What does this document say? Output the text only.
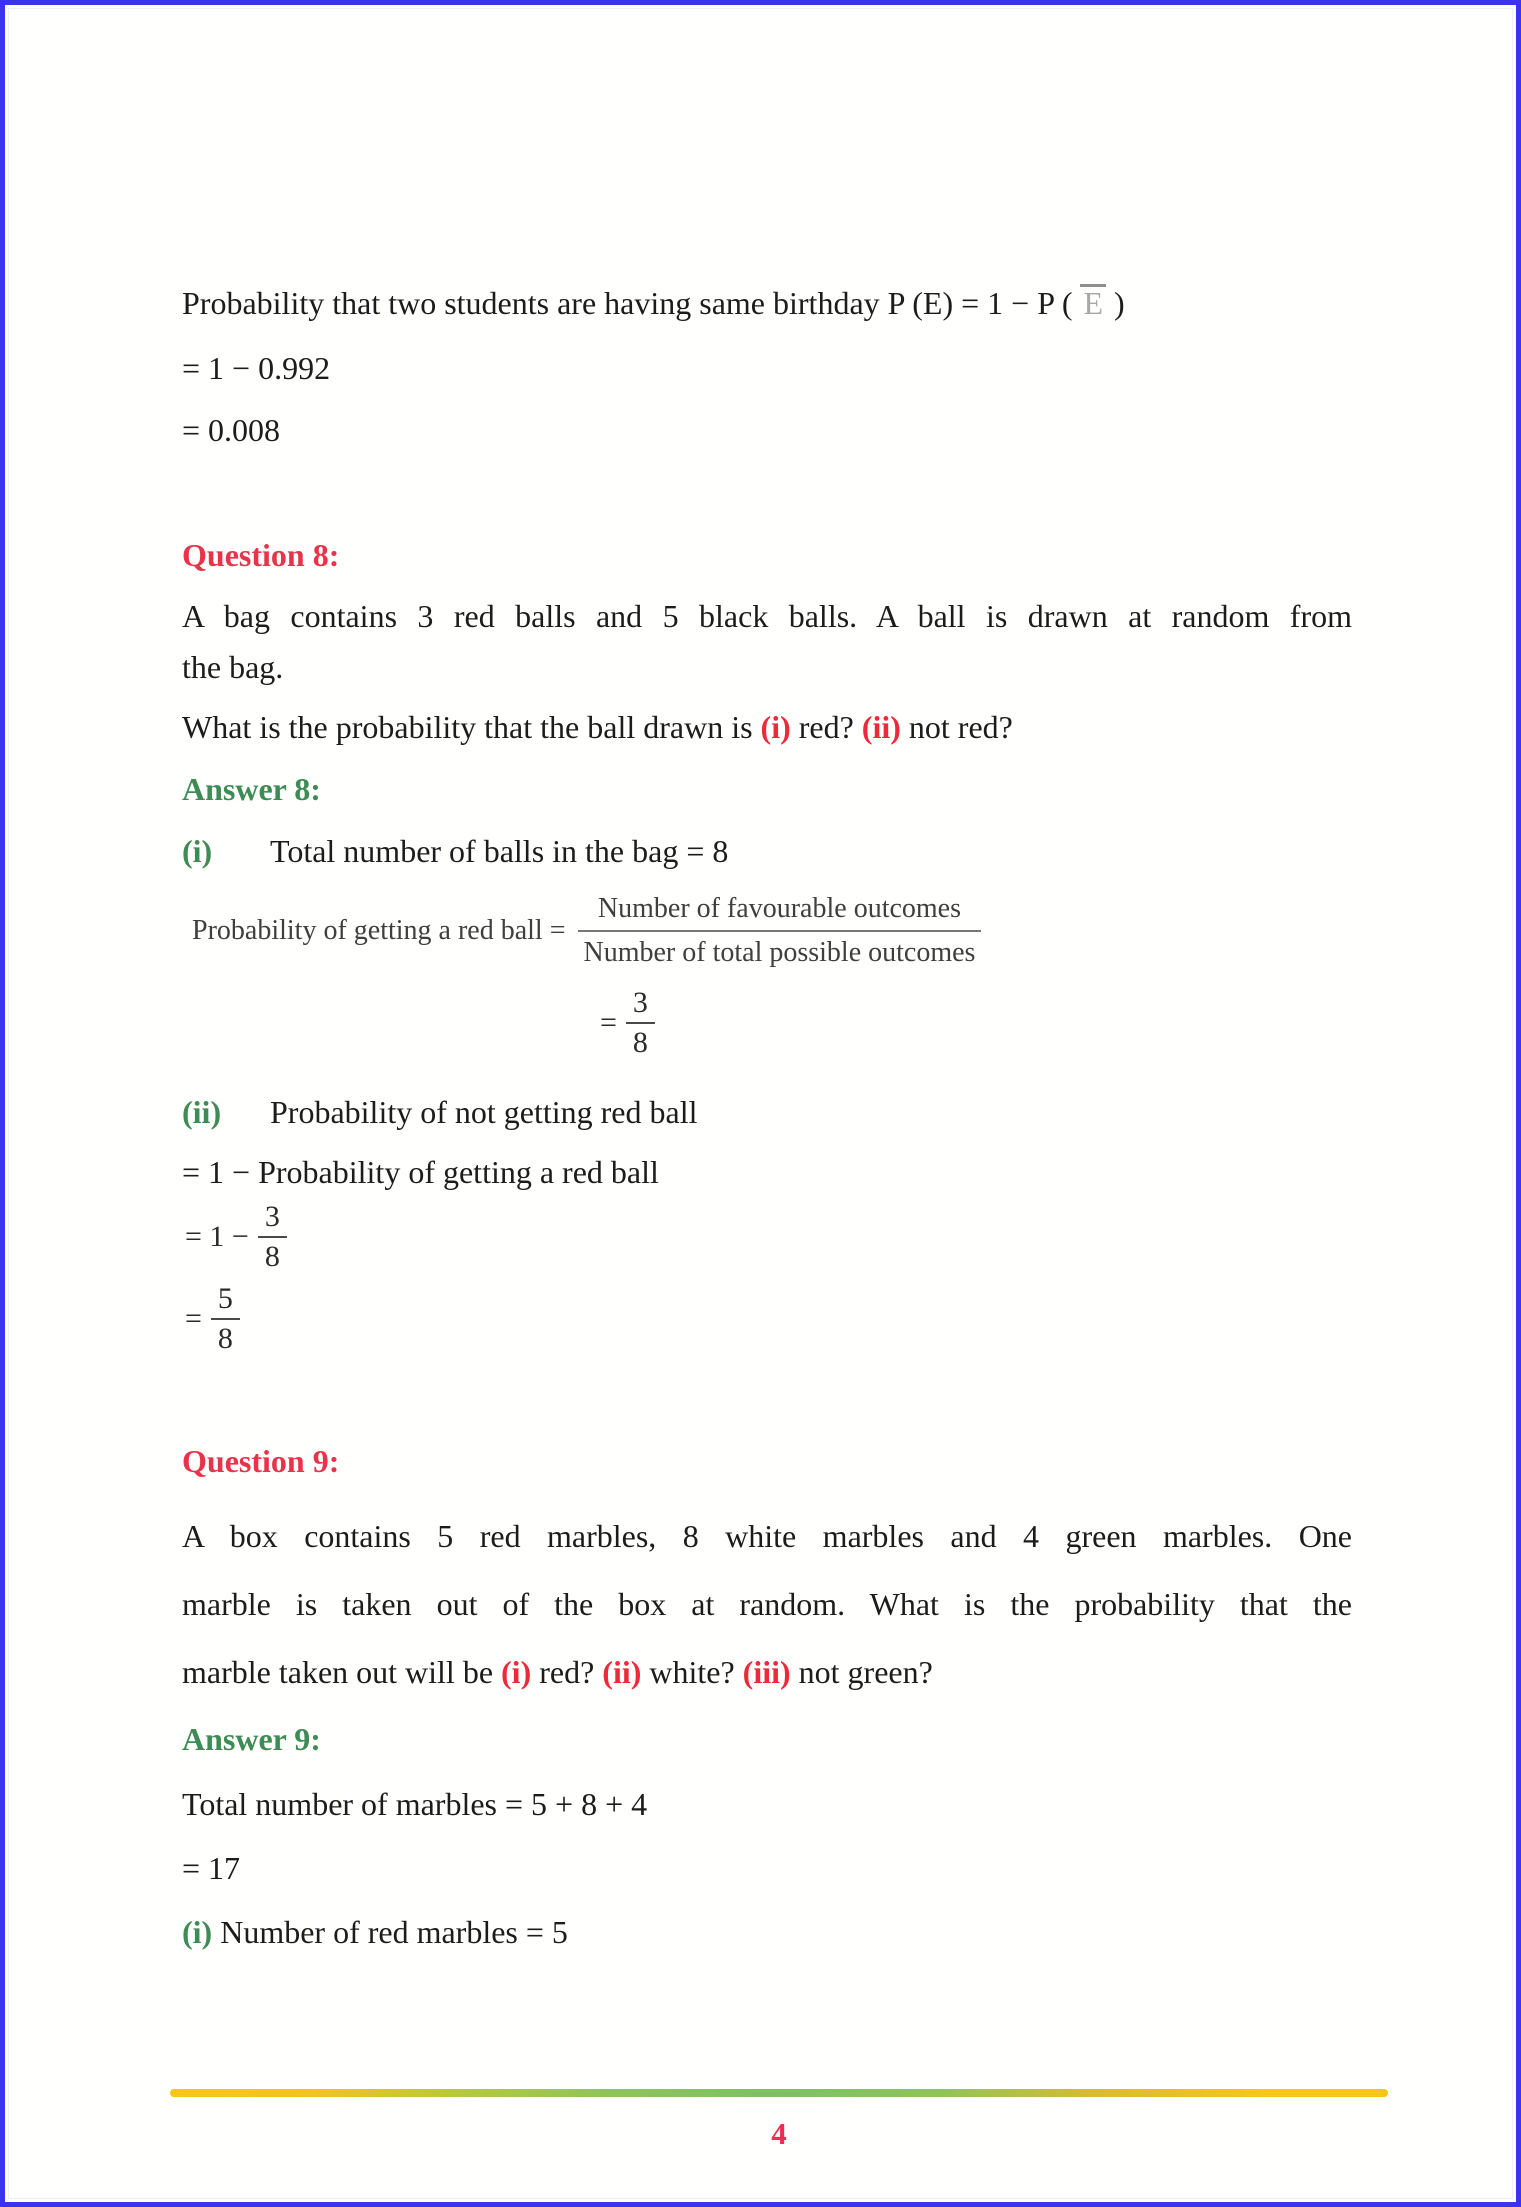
Probability that two students are having same birthday P (E) = 1 − P ( E )
= 1 − 0.992
= 0.008
Question 8:
A bag contains 3 red balls and 5 black balls. A ball is drawn at random from
the bag.
What is the probability that the ball drawn is (i) red? (ii) not red?
Answer 8:
(i) Total number of balls in the bag = 8
Probability of getting a red ball =
Number of favourable outcomes
Number of total possible outcomes
= $\frac{3}{8}$
(ii) Probability of not getting red ball
= 1 − Probability of getting a red ball
= $1 - \frac{3}{8}$
= $\frac{5}{8}$
Question 9:
A box contains 5 red marbles, 8 white marbles and 4 green marbles. One
marble is taken out of the box at random. What is the probability that the
marble taken out will be (i) red? (ii) white? (iii) not green?
Answer 9:
Total number of marbles = 5 + 8 + 4
= 17
(i) Number of red marbles = 5
4
